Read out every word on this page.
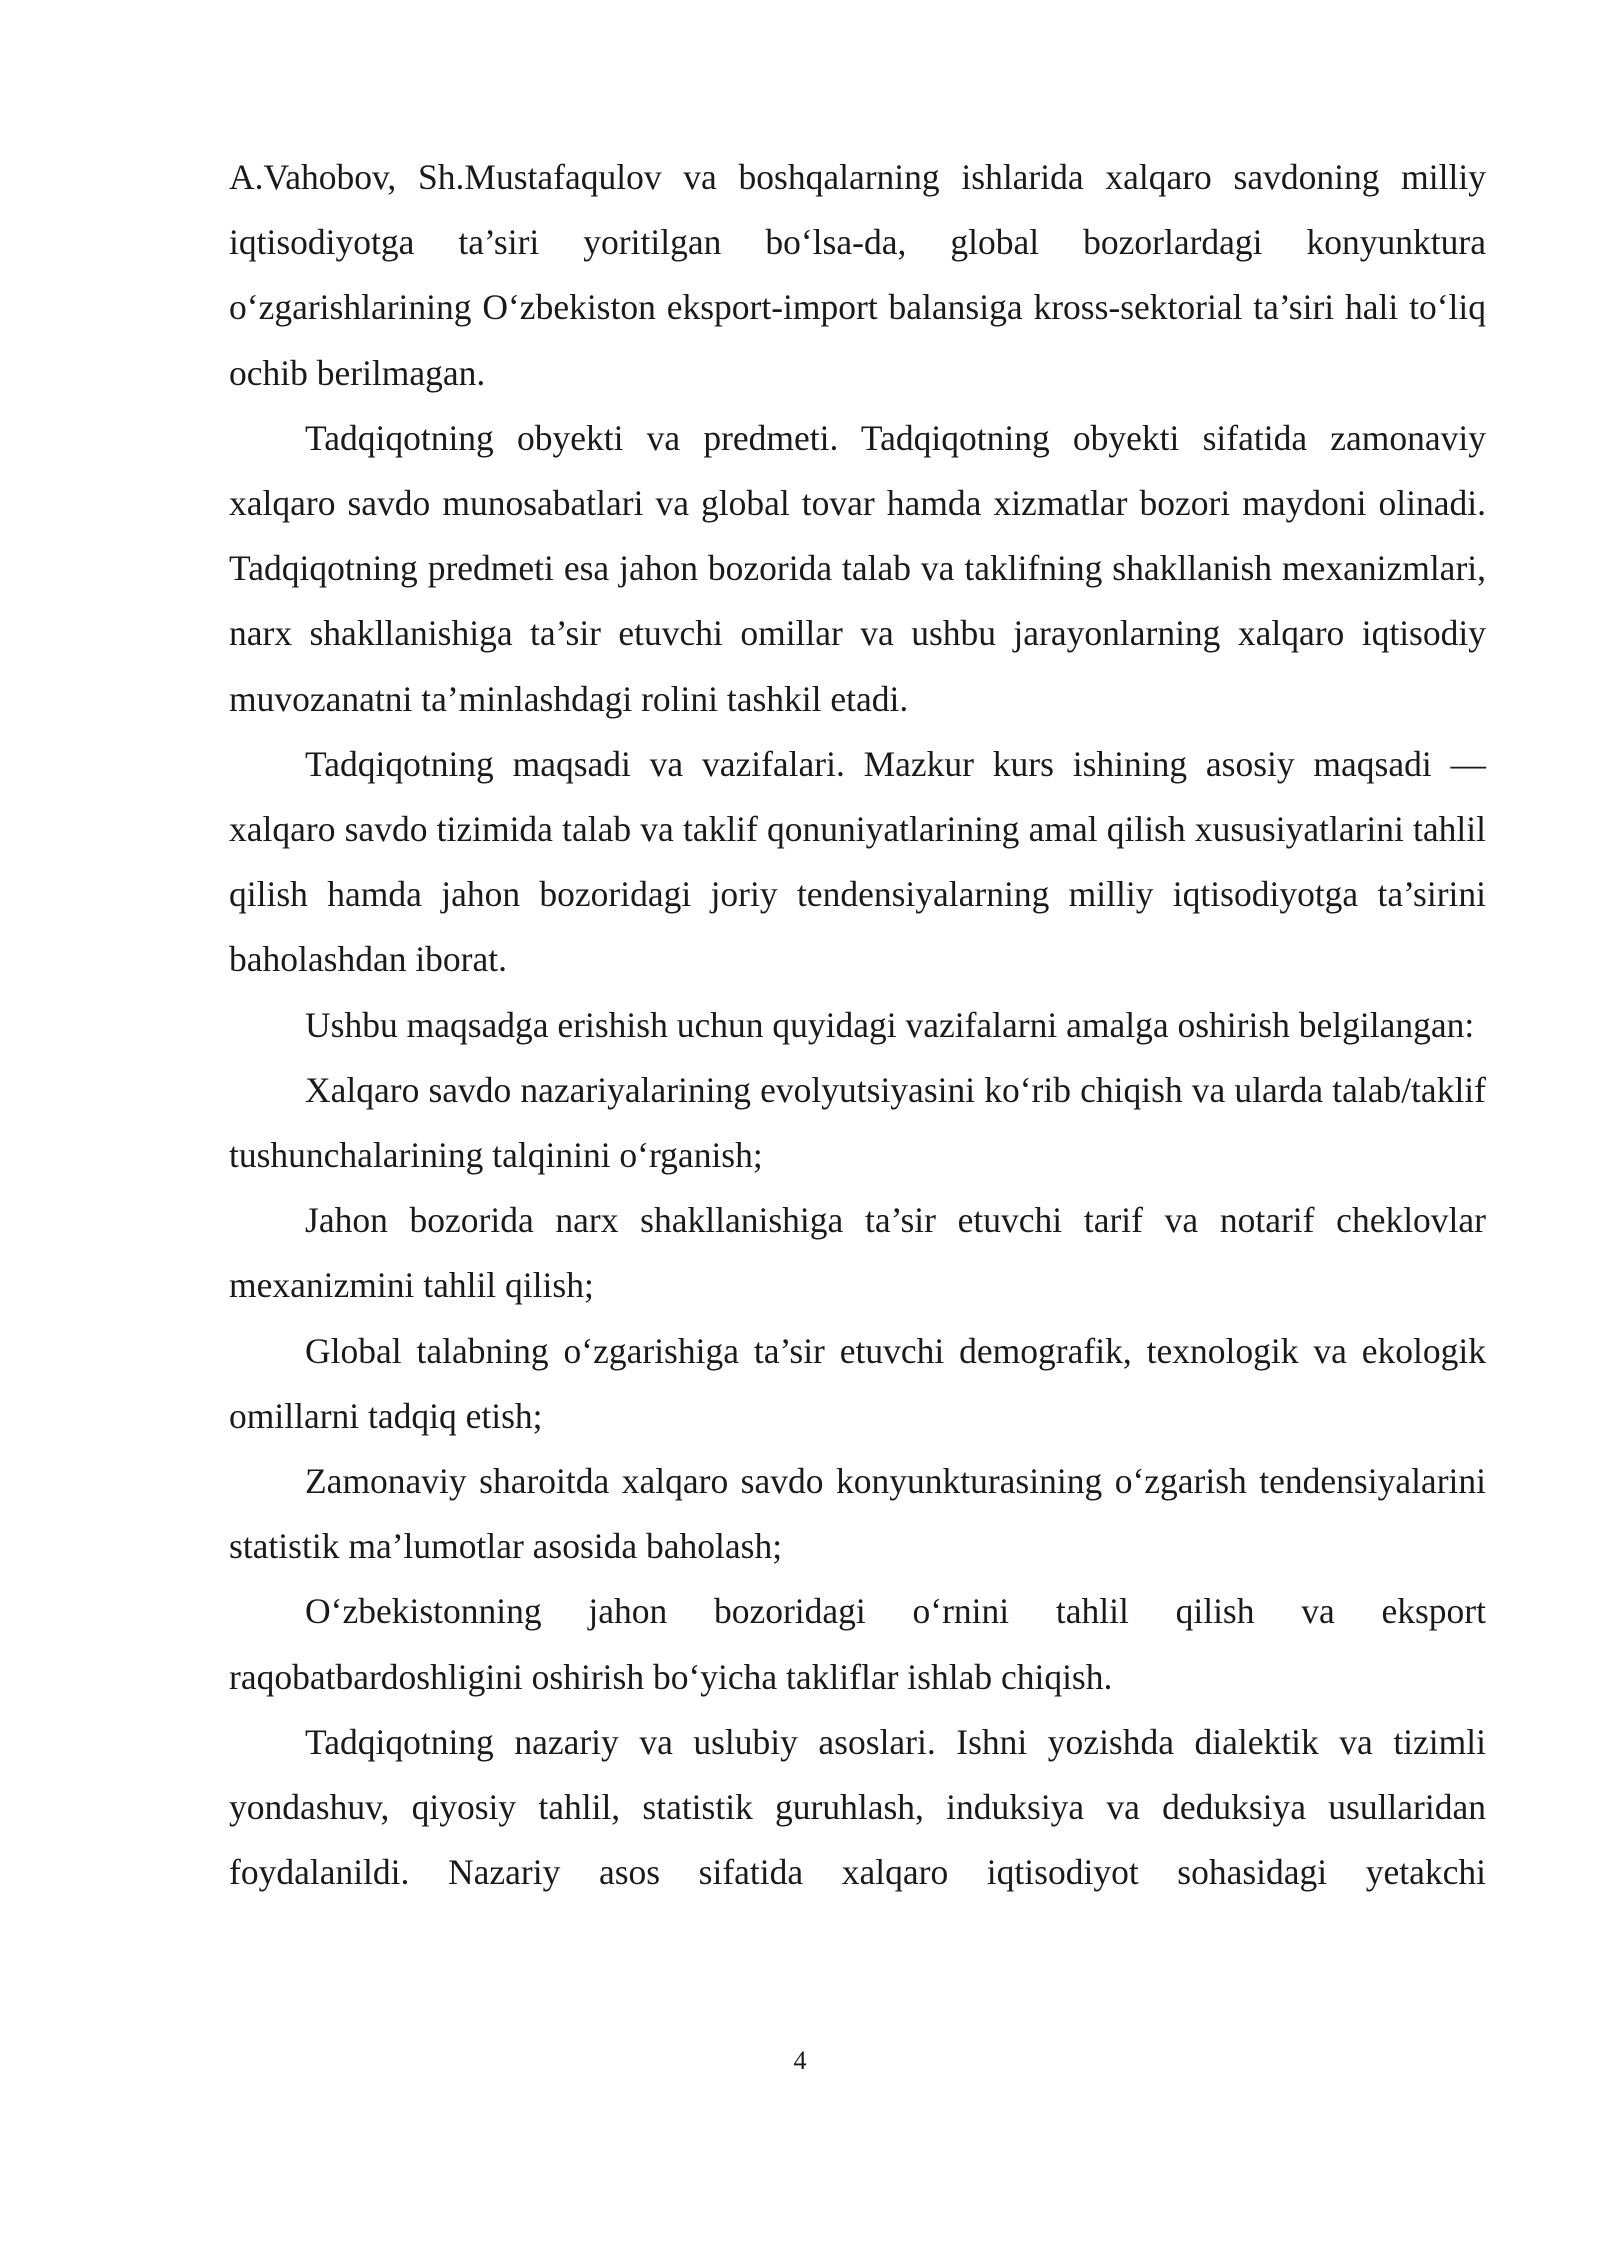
A.Vahobov, Sh.Mustafaqulov va boshqalarning ishlarida xalqaro savdoning milliy iqtisodiyotga ta’siri yoritilgan bo‘lsa-da, global bozorlardagi konyunktura o‘zgarishlarining O‘zbekiston eksport-import balansiga kross-sektorial ta’siri hali to‘liq ochib berilmagan.

Tadqiqotning obyekti va predmeti. Tadqiqotning obyekti sifatida zamonaviy xalqaro savdo munosabatlari va global tovar hamda xizmatlar bozori maydoni olinadi. Tadqiqotning predmeti esa jahon bozorida talab va taklifning shakllanish mexanizmlari, narx shakllanishiga ta’sir etuvchi omillar va ushbu jarayonlarning xalqaro iqtisodiy muvozanatni ta’minlashdagi rolini tashkil etadi.

Tadqiqotning maqsadi va vazifalari. Mazkur kurs ishining asosiy maqsadi — xalqaro savdo tizimida talab va taklif qonuniyatlarining amal qilish xususiyatlarini tahlil qilish hamda jahon bozoridagi joriy tendensiyalarning milliy iqtisodiyotga ta’sirini baholashdan iborat.

Ushbu maqsadga erishish uchun quyidagi vazifalarni amalga oshirish belgilangan:

Xalqaro savdo nazariyalarining evolyutsiyasini ko‘rib chiqish va ularda talab/taklif tushunchalarining talqinini o‘rganish;

Jahon bozorida narx shakllanishiga ta’sir etuvchi tarif va notarif cheklovlar mexanizmini tahlil qilish;

Global talabning o‘zgarishiga ta’sir etuvchi demografik, texnologik va ekologik omillarni tadqiq etish;

Zamonaviy sharoitda xalqaro savdo konyunkturasining o‘zgarish tendensiyalarini statistik ma’lumotlar asosida baholash;

O‘zbekistonning jahon bozoridagi o‘rnini tahlil qilish va eksport raqobatbardoshligini oshirish bo‘yicha takliflar ishlab chiqish.

Tadqiqotning nazariy va uslubiy asoslari. Ishni yozishda dialektik va tizimli yondashuv, qiyosiy tahlil, statistik guruhlash, induksiya va deduksiya usullaridan foydalanildi. Nazariy asos sifatida xalqaro iqtisodiyot sohasidagi yetakchi

4
